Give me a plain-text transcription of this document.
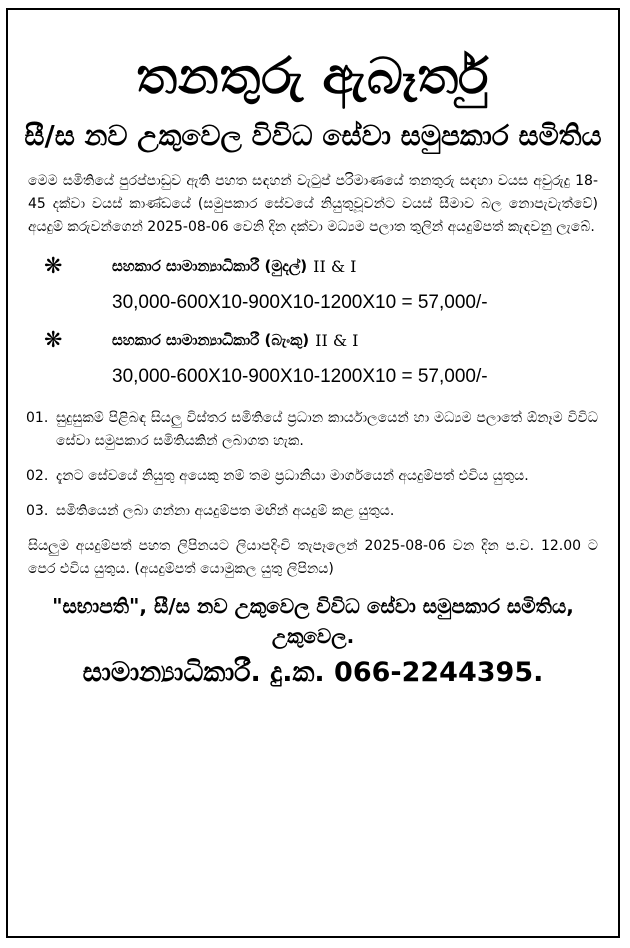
තනතුරු ඇබෑර්තු
සී/ස නව උකුවෙල විවිධ සේවා සමුපකාර සමිතිය
මෙම සමිතියේ පුරප්පාඩුව ඇති පහත සඳහන් වැටුප් පරිමාණයේ තනතුරු සඳහා වයස අවුරුදු 18-45 දක්වා වයස් කාණ්ඩයේ (සමුපකාර සේවයේ නියුතුවූවන්ට වයස් සීමාව බල නොපැවැත්වේ) අයදුම් කරුවන්ගෙන් 2025-08-06 වෙනි දින දක්වා මධ්‍යම පලාත තුලින් අයදුම්පත් කැඳවනු ලැබේ.
❋	සහකාර සාමාන්‍යාධිකාරී (මුදල්) II & I
30,000-600X10-900X10-1200X10 = 57,000/-
❋	සහකාර සාමාන්‍යාධිකාරී (බැංකු) II & I
30,000-600X10-900X10-1200X10 = 57,000/-
01. සුදුසුකම් පිළිබඳ සියලු විස්තර සමිතියේ ප්‍රධාන කාර්යාලයෙන් හා මධ්‍යම පලාතේ ඕනෑම විවිධ සේවා සමුපකාර සමිතියකින් ලබාගත හැක.
02. දැනට සේවයේ නියුතු අයෙකු නම් තම ප්‍රධානියා මාර්ගයෙන් අයදුම්පත් එවිය යුතුය.
03. සමිතියෙන් ලබා ගන්නා අයදුම්පත මඟින් අයදුම් කළ යුතුය.
සියලුම අයදුම්පත් පහත ලිපිනයට ලියාපදිංචි තැපෑලෙන් 2025-08-06 වන දින ප.ව. 12.00 ට පෙර එවිය යුතුය. (අයදුම්පත් යොමුකල යුතු ලිපිනය)
"සභාපති", සී/ස නව උකුවෙල විවිධ සේවා සමුපකාර සමිතිය, උකුවෙල.
සාමාන්‍යාධිකාරී. දු.ක. 066-2244395.
